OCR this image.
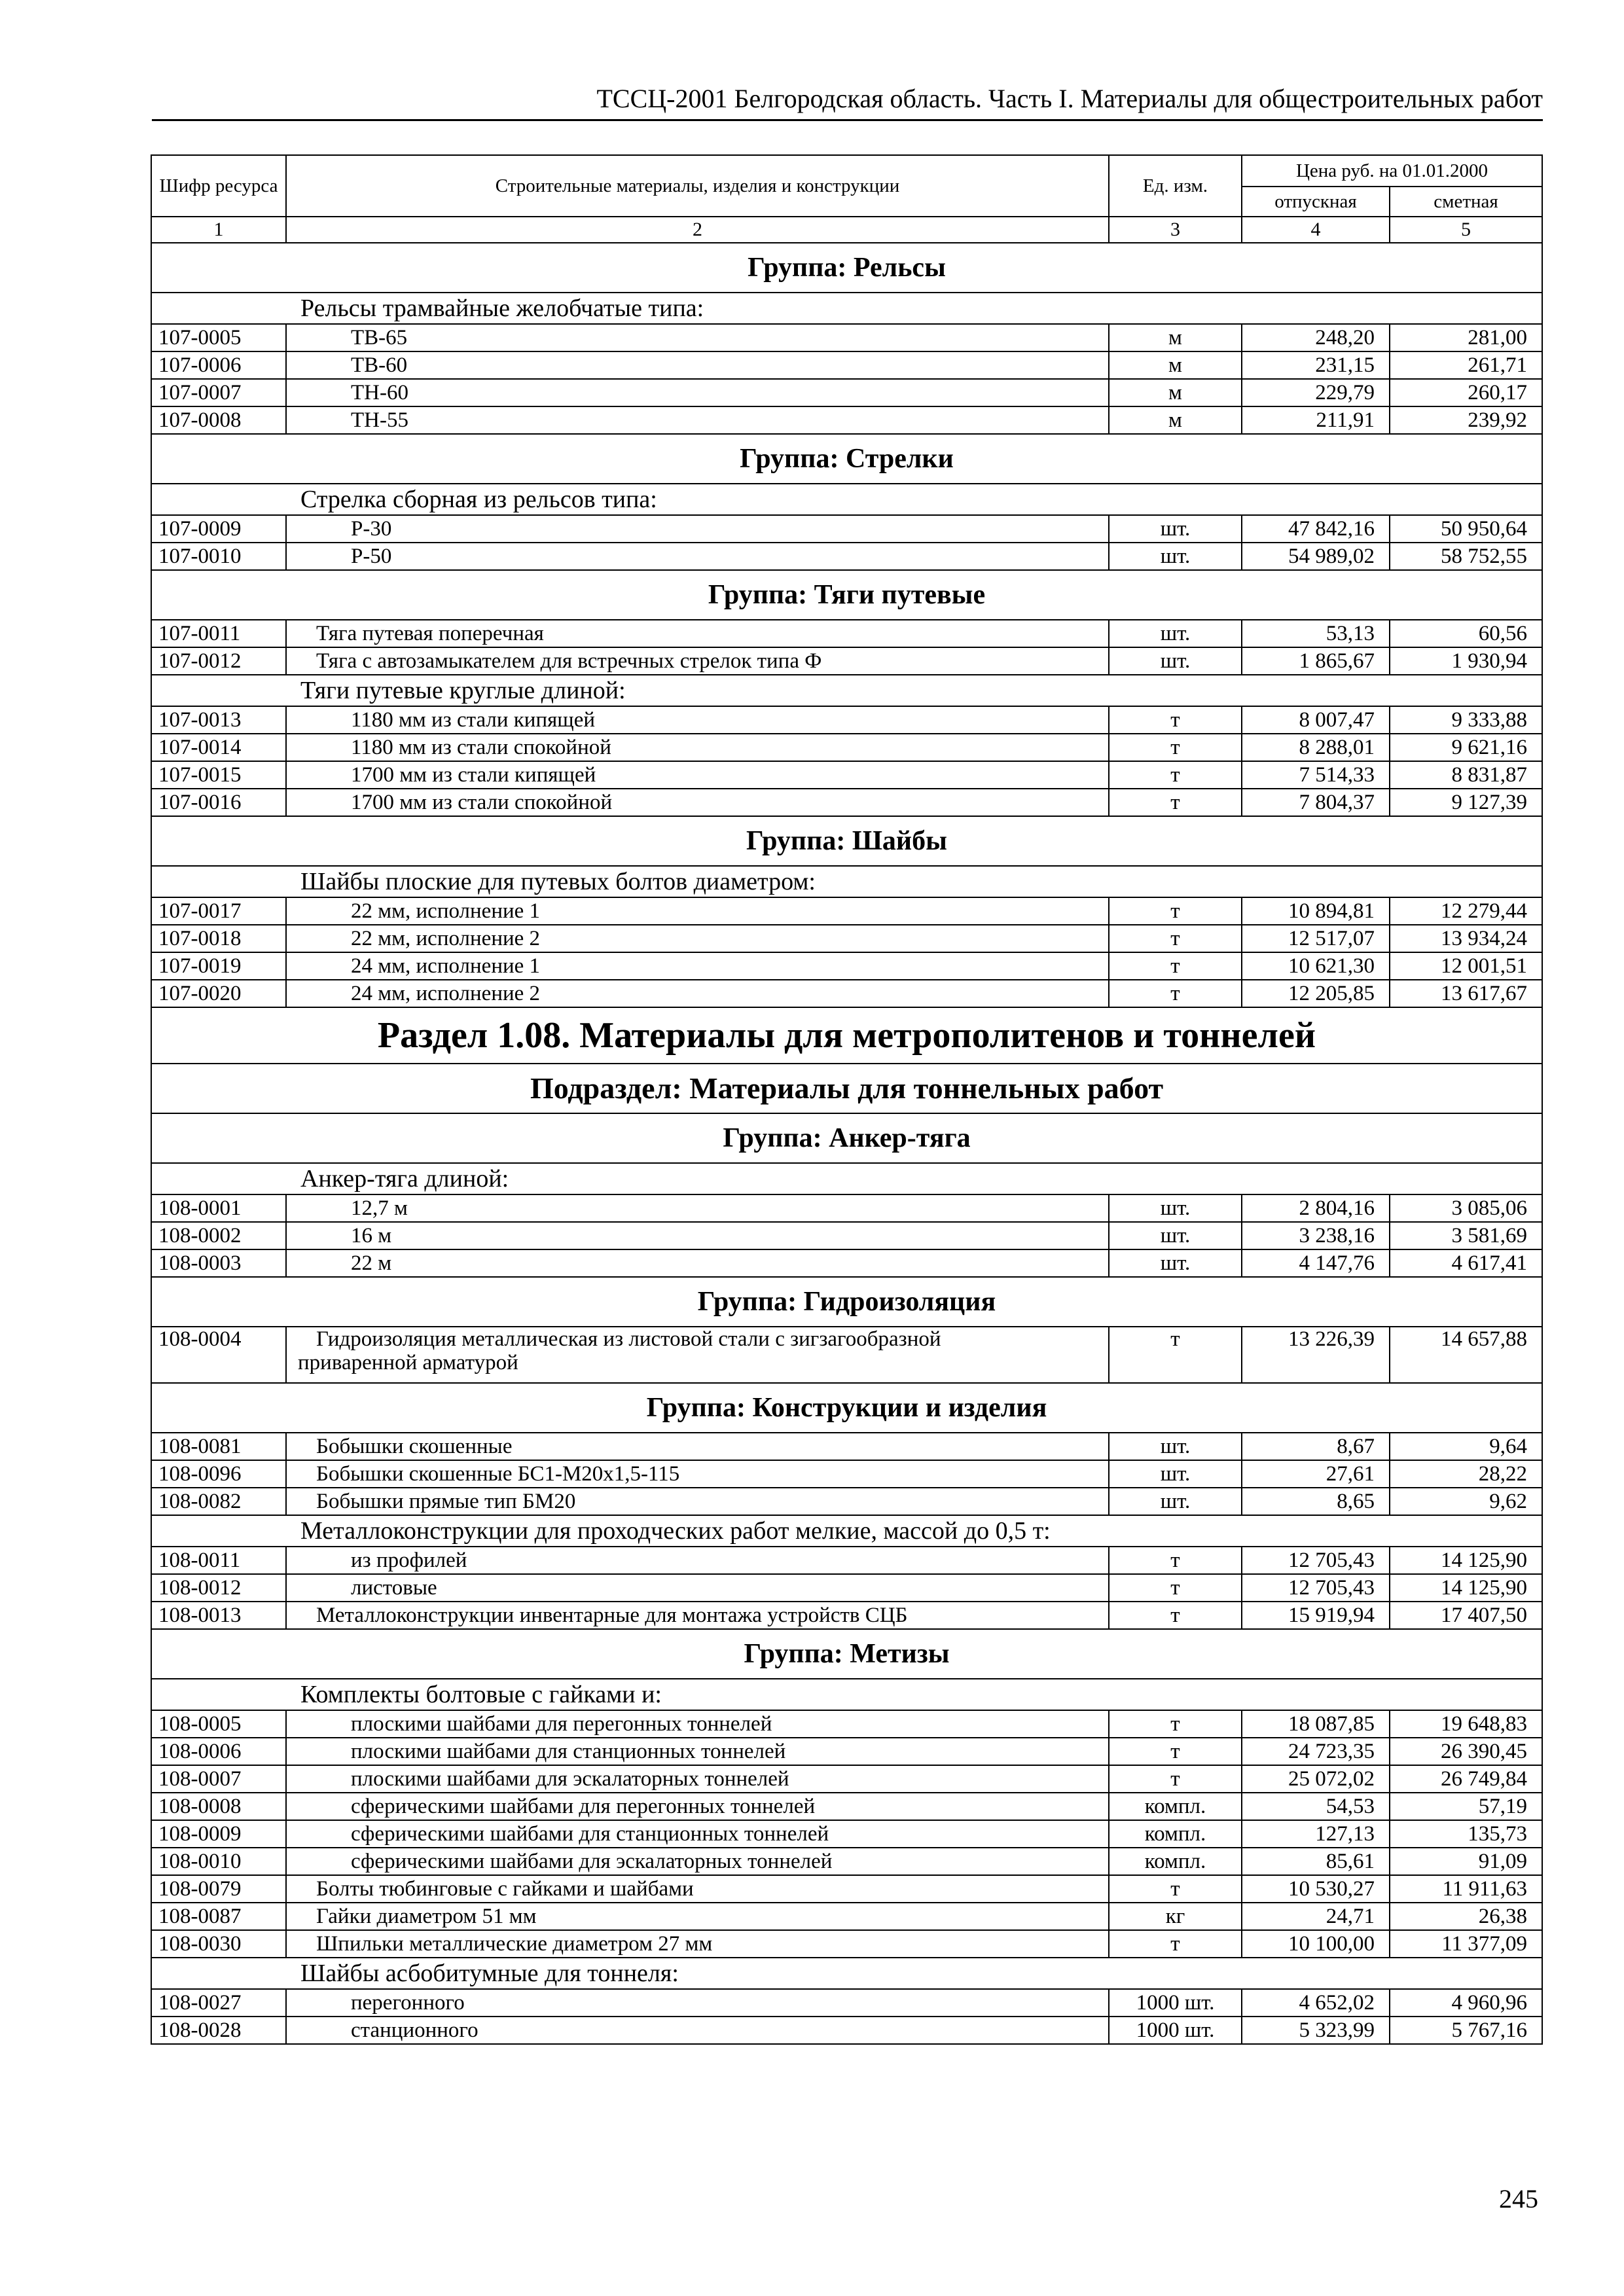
ТССЦ-2001 Белгородская область. Часть I. Материалы для общестроительных работ
Шифр ресурса	Строительные материалы, изделия и конструкции	Ед. изм.	Цена руб. на 01.01.2000	
			отпускная	сметная
1	2	3	4	5
Группа: Рельсы				
Рельсы трамвайные желобчатые типа:				
107-0005	ТВ-65	м	248,20	281,00
107-0006	ТВ-60	м	231,15	261,71
107-0007	ТН-60	м	229,79	260,17
107-0008	ТН-55	м	211,91	239,92
Группа: Стрелки				
Стрелка сборная из рельсов типа:				
107-0009	Р-30	шт.	47 842,16	50 950,64
107-0010	Р-50	шт.	54 989,02	58 752,55
Группа: Тяги путевые				
107-0011	Тяга путевая поперечная	шт.	53,13	60,56
107-0012	Тяга с автозамыкателем для встречных стрелок типа Ф	шт.	1 865,67	1 930,94
Тяги путевые круглые длиной:				
107-0013	1180 мм из стали кипящей	т	8 007,47	9 333,88
107-0014	1180 мм из стали спокойной	т	8 288,01	9 621,16
107-0015	1700 мм из стали кипящей	т	7 514,33	8 831,87
107-0016	1700 мм из стали спокойной	т	7 804,37	9 127,39
Группа: Шайбы				
Шайбы плоские для путевых болтов диаметром:				
107-0017	22 мм, исполнение 1	т	10 894,81	12 279,44
107-0018	22 мм, исполнение 2	т	12 517,07	13 934,24
107-0019	24 мм, исполнение 1	т	10 621,30	12 001,51
107-0020	24 мм, исполнение 2	т	12 205,85	13 617,67
Раздел 1.08. Материалы для метрополитенов и тоннелей				
Подраздел: Материалы для тоннельных работ				
Группа: Анкер-тяга				
Анкер-тяга длиной:				
108-0001	12,7 м	шт.	2 804,16	3 085,06
108-0002	16 м	шт.	3 238,16	3 581,69
108-0003	22 м	шт.	4 147,76	4 617,41
Группа: Гидроизоляция				
108-0004	Гидроизоляция металлическая из листовой стали с зигзагообразной
приваренной арматурой	т	13 226,39	14 657,88
Группа: Конструкции и изделия				
108-0081	Бобышки скошенные	шт.	8,67	9,64
108-0096	Бобышки скошенные БС1-М20х1,5-115	шт.	27,61	28,22
108-0082	Бобышки прямые тип БМ20	шт.	8,65	9,62
Металлоконструкции для проходческих работ мелкие, массой до 0,5 т:				
108-0011	из профилей	т	12 705,43	14 125,90
108-0012	листовые	т	12 705,43	14 125,90
108-0013	Металлоконструкции инвентарные для монтажа устройств СЦБ	т	15 919,94	17 407,50
Группа: Метизы				
Комплекты болтовые с гайками и:				
108-0005	плоскими шайбами для перегонных тоннелей	т	18 087,85	19 648,83
108-0006	плоскими шайбами для станционных тоннелей	т	24 723,35	26 390,45
108-0007	плоскими шайбами для эскалаторных тоннелей	т	25 072,02	26 749,84
108-0008	сферическими шайбами для перегонных тоннелей	компл.	54,53	57,19
108-0009	сферическими шайбами для станционных тоннелей	компл.	127,13	135,73
108-0010	сферическими шайбами для эскалаторных тоннелей	компл.	85,61	91,09
108-0079	Болты тюбинговые с гайками и шайбами	т	10 530,27	11 911,63
108-0087	Гайки диаметром 51 мм	кг	24,71	26,38
108-0030	Шпильки металлические диаметром 27 мм	т	10 100,00	11 377,09
Шайбы асбобитумные для тоннеля:				
108-0027	перегонного	1000 шт.	4 652,02	4 960,96
108-0028	станционного	1000 шт.	5 323,99	5 767,16
245
